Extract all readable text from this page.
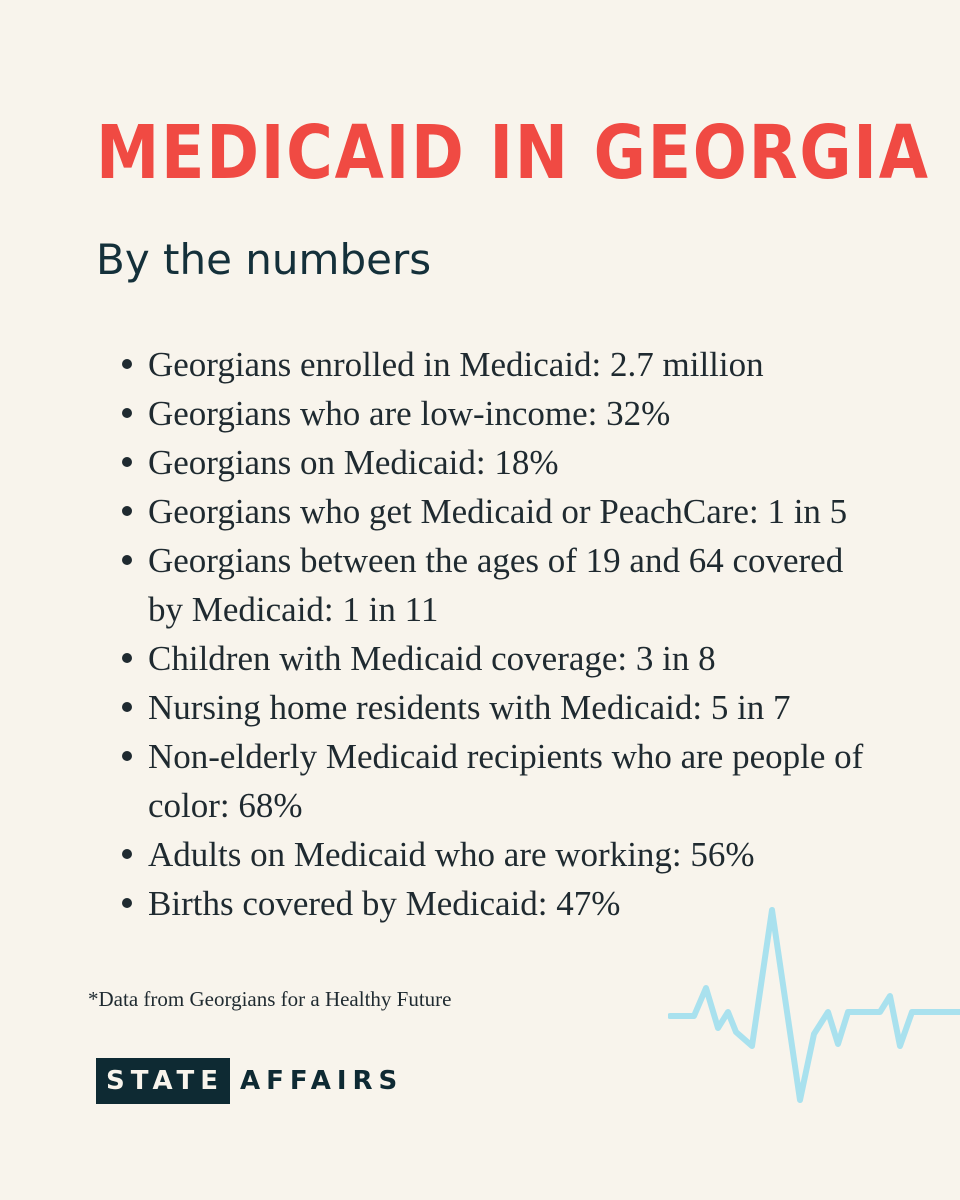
MEDICAID IN GEORGIA
By the numbers
Georgians enrolled in Medicaid: 2.7 million
Georgians who are low-income: 32%
Georgians on Medicaid: 18%
Georgians who get Medicaid or PeachCare: 1 in 5
Georgians between the ages of 19 and 64 covered by Medicaid: 1 in 11
Children with Medicaid coverage: 3 in 8
Nursing home residents with Medicaid: 5 in 7
Non-elderly Medicaid recipients who are people of color: 68%
Adults on Medicaid who are working: 56%
Births covered by Medicaid: 47%

*Data from Georgians for a Healthy Future

STATE AFFAIRS
